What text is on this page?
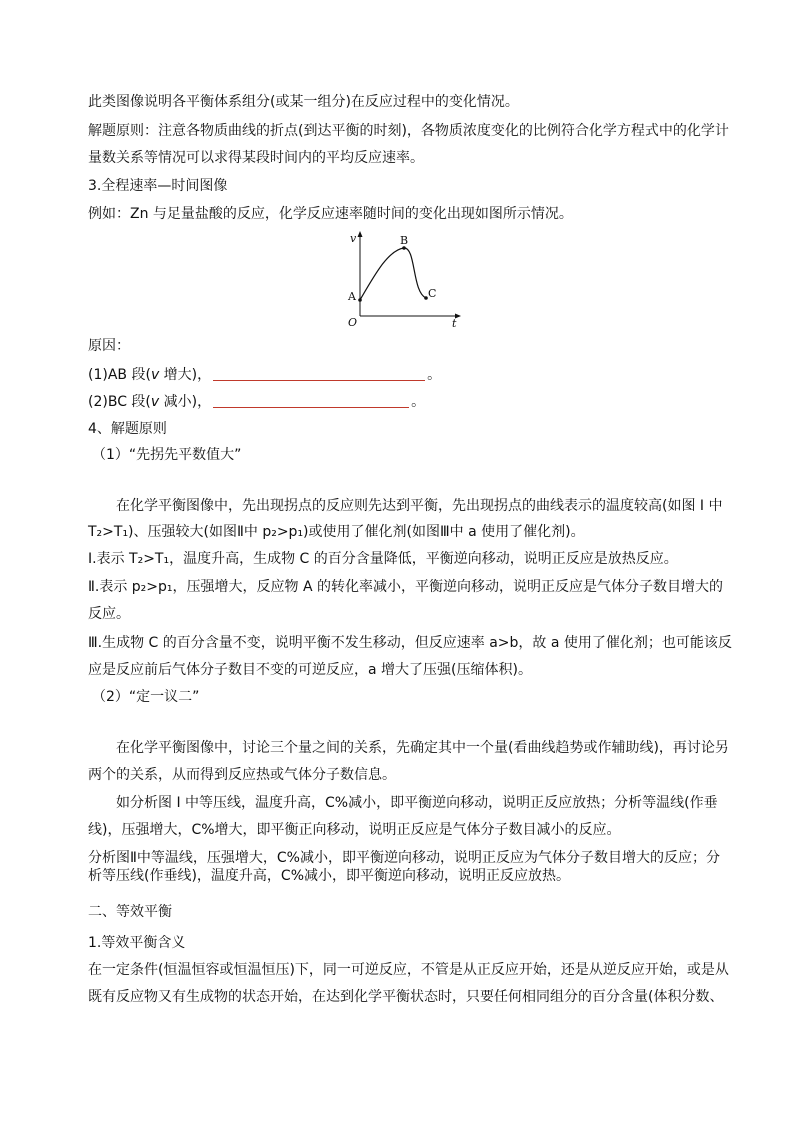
此类图像说明各平衡体系组分(或某一组分)在反应过程中的变化情况。
解题原则：注意各物质曲线的折点(到达平衡的时刻)，各物质浓度变化的比例符合化学方程式中的化学计
量数关系等情况可以求得某段时间内的平均反应速率。
3.全程速率—时间图像
例如：Zn 与足量盐酸的反应，化学反应速率随时间的变化出现如图所示情况。
v
t
O
A
B
C
原因：
(1)AB 段(v 增大)，	。
(2)BC 段(v 减小)，	。
4、解题原则
（1）“先拐先平数值大”
在化学平衡图像中，先出现拐点的反应则先达到平衡，先出现拐点的曲线表示的温度较高(如图 I 中
T₂>T₁)、压强较大(如图Ⅱ中 p₂>p₁)或使用了催化剂(如图Ⅲ中 a 使用了催化剂)。
Ⅰ.表示 T₂>T₁，温度升高，生成物 C 的百分含量降低，平衡逆向移动，说明正反应是放热反应。
Ⅱ.表示 p₂>p₁，压强增大，反应物 A 的转化率减小，平衡逆向移动，说明正反应是气体分子数目增大的
反应。
Ⅲ.生成物 C 的百分含量不变，说明平衡不发生移动，但反应速率 a>b，故 a 使用了催化剂；也可能该反
应是反应前后气体分子数目不变的可逆反应，a 增大了压强(压缩体积)。
（2）“定一议二”
在化学平衡图像中，讨论三个量之间的关系，先确定其中一个量(看曲线趋势或作辅助线)，再讨论另
两个的关系，从而得到反应热或气体分子数信息。
如分析图 I 中等压线，温度升高，C%减小，即平衡逆向移动，说明正反应放热；分析等温线(作垂
线)，压强增大，C%增大，即平衡正向移动，说明正反应是气体分子数目减小的反应。
分析图Ⅱ中等温线，压强增大，C%减小，即平衡逆向移动，说明正反应为气体分子数目增大的反应；分
析等压线(作垂线)，温度升高，C%减小，即平衡逆向移动，说明正反应放热。
二、等效平衡
1.等效平衡含义
在一定条件(恒温恒容或恒温恒压)下，同一可逆反应，不管是从正反应开始，还是从逆反应开始，或是从
既有反应物又有生成物的状态开始，在达到化学平衡状态时，只要任何相同组分的百分含量(体积分数、
